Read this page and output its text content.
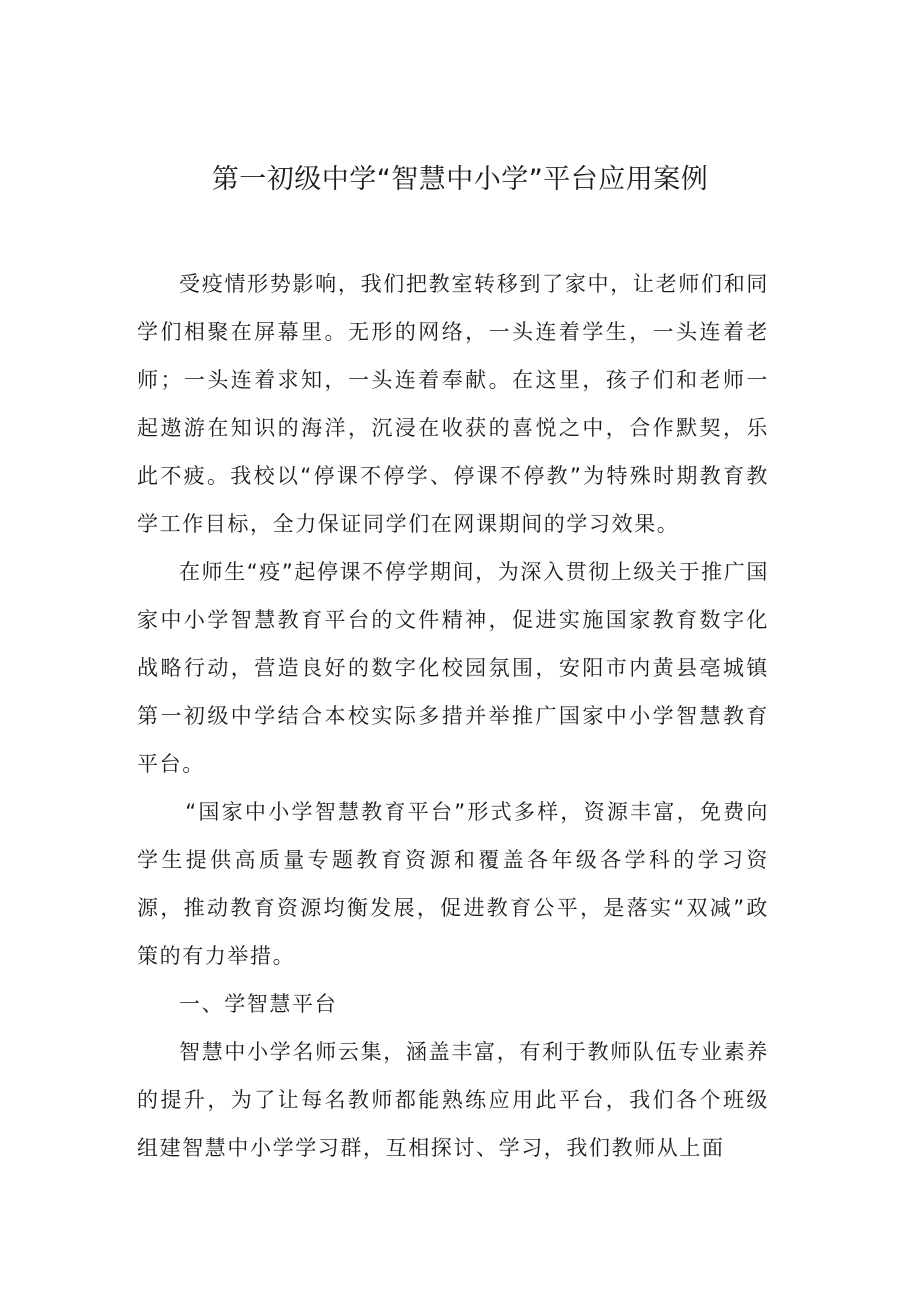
第一初级中学“智慧中小学”平台应用案例

受疫情形势影响，我们把教室转移到了家中，让老师们和同学们相聚在屏幕里。无形的网络，一头连着学生，一头连着老师；一头连着求知，一头连着奉献。在这里，孩子们和老师一起遨游在知识的海洋，沉浸在收获的喜悦之中，合作默契，乐此不疲。我校以“停课不停学、停课不停教”为特殊时期教育教学工作目标，全力保证同学们在网课期间的学习效果。

在师生“疫”起停课不停学期间，为深入贯彻上级关于推广国家中小学智慧教育平台的文件精神，促进实施国家教育数字化战略行动，营造良好的数字化校园氛围，安阳市内黄县亳城镇第一初级中学结合本校实际多措并举推广国家中小学智慧教育平台。

“国家中小学智慧教育平台”形式多样，资源丰富，免费向学生提供高质量专题教育资源和覆盖各年级各学科的学习资源，推动教育资源均衡发展，促进教育公平，是落实“双减”政策的有力举措。

一、学智慧平台

智慧中小学名师云集，涵盖丰富，有利于教师队伍专业素养的提升，为了让每名教师都能熟练应用此平台，我们各个班级组建智慧中小学学习群，互相探讨、学习，我们教师从上面
